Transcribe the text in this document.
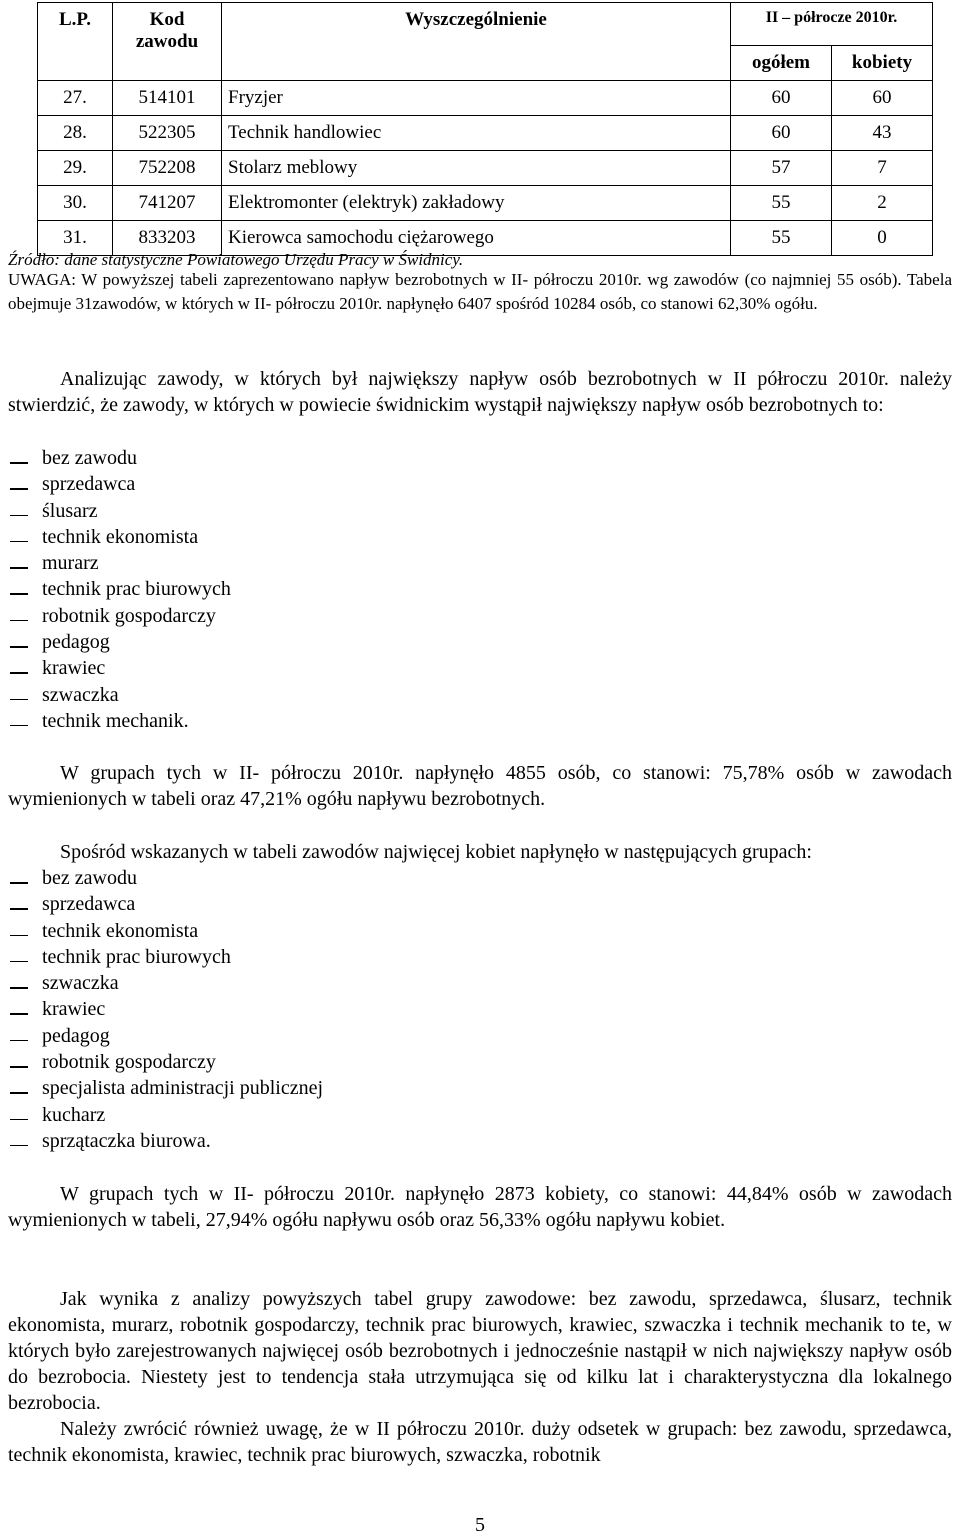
L.P.	Kod zawodu	Wyszczególnienie	II – półrocze 2010r.	
			ogółem	kobiety
27.	514101	Fryzjer	60	60
28.	522305	Technik handlowiec	60	43
29.	752208	Stolarz meblowy	57	7
30.	741207	Elektromonter (elektryk) zakładowy	55	2
31.	833203	Kierowca samochodu ciężarowego	55	0
Źródło: dane statystyczne Powiatowego Urzędu Pracy w Świdnicy.
UWAGA: W powyższej tabeli zaprezentowano napływ bezrobotnych w II- półroczu 2010r. wg zawodów (co najmniej 55 osób). Tabela obejmuje 31zawodów, w których w II- półroczu 2010r. napłynęło 6407 spośród 10284 osób, co stanowi 62,30% ogółu.
Analizując zawody, w których był największy napływ osób bezrobotnych w II półroczu 2010r. należy stwierdzić, że zawody, w których w powiecie świdnickim wystąpił największy napływ osób bezrobotnych to:
bez zawodu
sprzedawca
ślusarz
technik ekonomista
murarz
technik prac biurowych
robotnik gospodarczy
pedagog
krawiec
szwaczka
technik mechanik.
W grupach tych w II- półroczu 2010r. napłynęło 4855 osób, co stanowi: 75,78% osób w zawodach wymienionych w tabeli oraz 47,21% ogółu napływu bezrobotnych.
Spośród wskazanych w tabeli zawodów najwięcej kobiet napłynęło w następujących grupach:
bez zawodu
sprzedawca
technik ekonomista
technik prac biurowych
szwaczka
krawiec
pedagog
robotnik gospodarczy
specjalista administracji publicznej
kucharz
sprzątaczka biurowa.
W grupach tych w II- półroczu 2010r. napłynęło 2873 kobiety, co stanowi: 44,84% osób w zawodach wymienionych w tabeli, 27,94% ogółu napływu osób oraz 56,33% ogółu napływu kobiet.
Jak wynika z analizy powyższych tabel grupy zawodowe: bez zawodu, sprzedawca, ślusarz, technik ekonomista, murarz, robotnik gospodarczy, technik prac biurowych, krawiec, szwaczka i technik mechanik to te, w których było zarejestrowanych najwięcej osób bezrobotnych i jednocześnie nastąpił w nich największy napływ osób do bezrobocia. Niestety jest to tendencja stała utrzymująca się od kilku lat i charakterystyczna dla lokalnego bezrobocia.
Należy zwrócić również uwagę, że w II półroczu 2010r. duży odsetek w grupach: bez zawodu, sprzedawca, technik ekonomista, krawiec, technik prac biurowych, szwaczka, robotnik
5
